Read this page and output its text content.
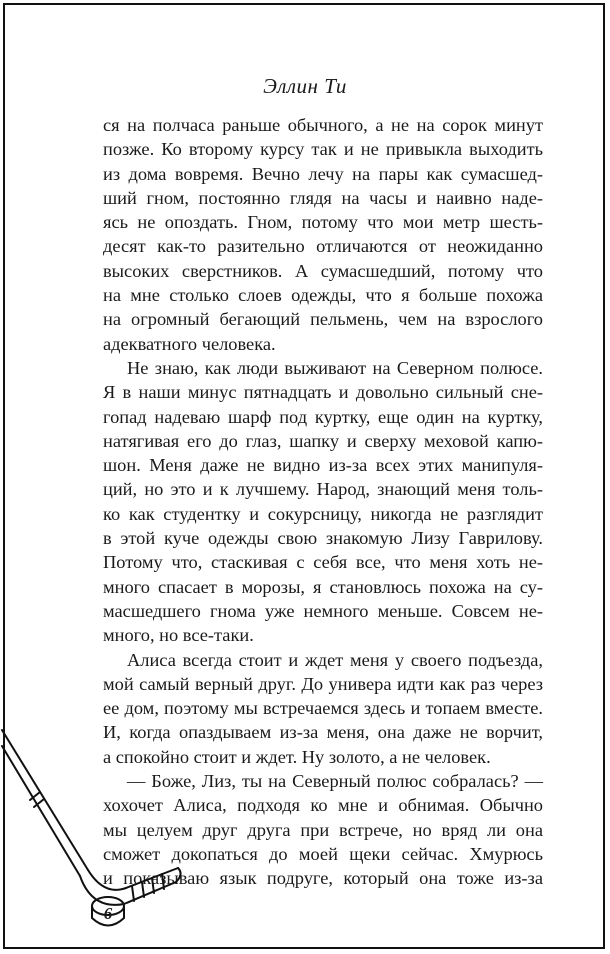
Эллин Ти
ся на полчаса раньше обычного, а не на сорок минут
позже. Ко второму курсу так и не привыкла выходить
из дома вовремя. Вечно лечу на пары как сумасшед-
ший гном, постоянно глядя на часы и наивно наде-
ясь не опоздать. Гном, потому что мои метр шесть-
десят как-то разительно отличаются от неожиданно
высоких сверстников. А сумасшедший, потому что
на мне столько слоев одежды, что я больше похожа
на огромный бегающий пельмень, чем на взрослого
адекватного человека.
Не знаю, как люди выживают на Северном полюсе.
Я в наши минус пятнадцать и довольно сильный сне-
гопад надеваю шарф под куртку, еще один на куртку,
натягивая его до глаз, шапку и сверху меховой капю-
шон. Меня даже не видно из-за всех этих манипуля-
ций, но это и к лучшему. Народ, знающий меня толь-
ко как студентку и сокурсницу, никогда не разглядит
в этой куче одежды свою знакомую Лизу Гаврилову.
Потому что, стаскивая с себя все, что меня хоть не-
много спасает в морозы, я становлюсь похожа на су-
масшедшего гнома уже немного меньше. Совсем не-
много, но все-таки.
Алиса всегда стоит и ждет меня у своего подъезда,
мой самый верный друг. До универа идти как раз через
ее дом, поэтому мы встречаемся здесь и топаем вместе.
И, когда опаздываем из-за меня, она даже не ворчит,
а спокойно стоит и ждет. Ну золото, а не человек.
— Боже, Лиз, ты на Северный полюс собралась? —
хохочет Алиса, подходя ко мне и обнимая. Обычно
мы целуем друг друга при встрече, но вряд ли она
сможет докопаться до моей щеки сейчас. Хмурюсь
и показываю язык подруге, который она тоже из-за
6
